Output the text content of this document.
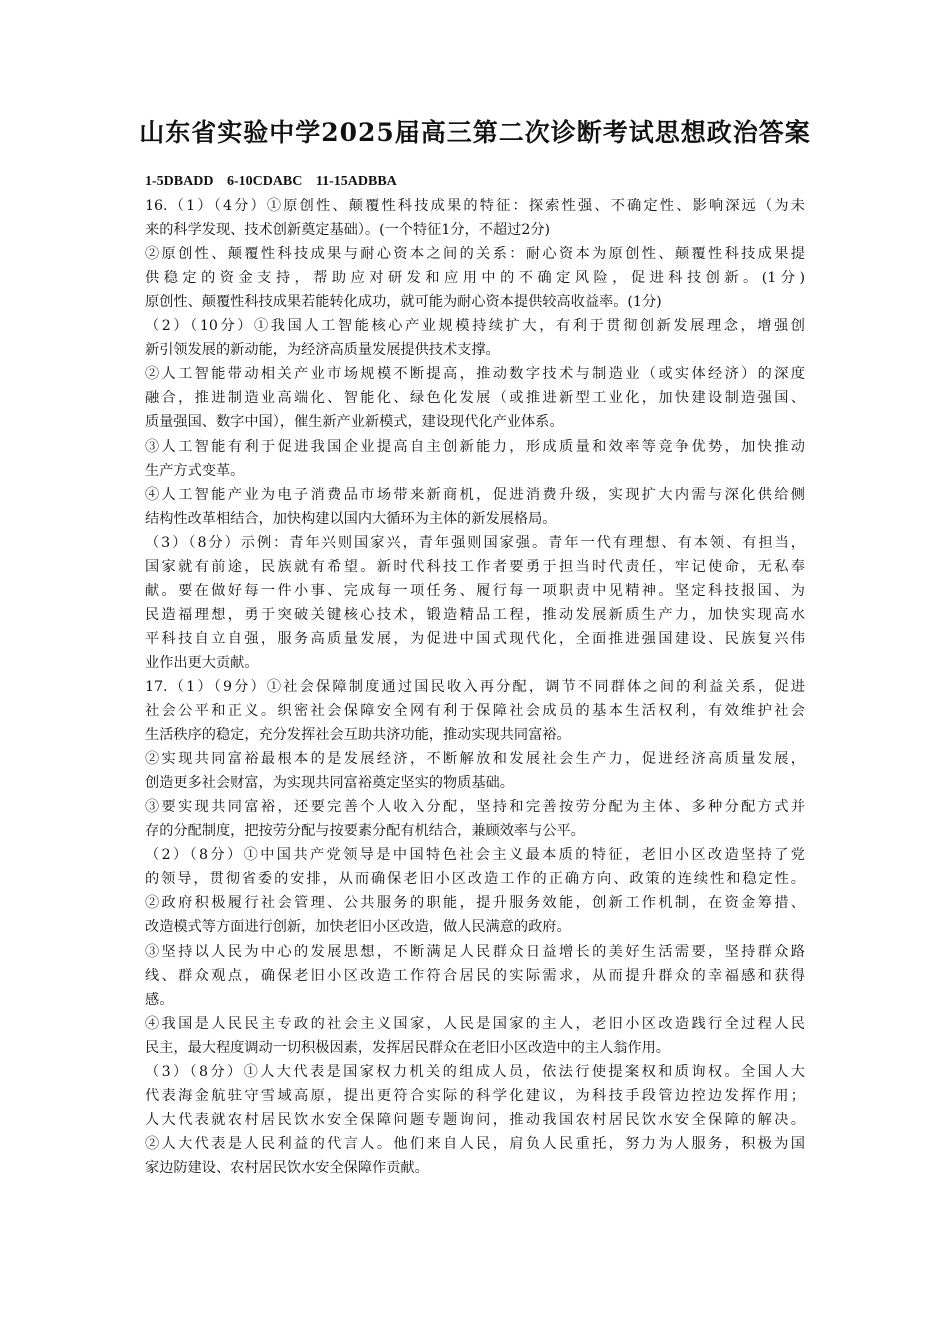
山东省实验中学2025届高三第二次诊断考试思想政治答案
1-5DBADD 6-10CDABC 11-15ADBBA
16.（1）（4分）①原创性、颠覆性科技成果的特征：探索性强、不确定性、影响深远（为未
来的科学发现、技术创新奠定基础）。(一个特征1分，不超过2分)
②原创性、颠覆性科技成果与耐心资本之间的关系：耐心资本为原创性、颠覆性科技成果提
供稳定的资金支持，帮助应对研发和应用中的不确定风险，促进科技创新。(1分)
原创性、颠覆性科技成果若能转化成功，就可能为耐心资本提供较高收益率。(1分)
（2）（10分）①我国人工智能核心产业规模持续扩大，有利于贯彻创新发展理念，增强创
新引领发展的新动能，为经济高质量发展提供技术支撑。
②人工智能带动相关产业市场规模不断提高，推动数字技术与制造业（或实体经济）的深度
融合，推进制造业高端化、智能化、绿色化发展（或推进新型工业化，加快建设制造强国、
质量强国、数字中国），催生新产业新模式，建设现代化产业体系。
③人工智能有利于促进我国企业提高自主创新能力，形成质量和效率等竞争优势，加快推动
生产方式变革。
④人工智能产业为电子消费品市场带来新商机，促进消费升级，实现扩大内需与深化供给侧
结构性改革相结合，加快构建以国内大循环为主体的新发展格局。
（3）（8分）示例：青年兴则国家兴，青年强则国家强。青年一代有理想、有本领、有担当，
国家就有前途，民族就有希望。新时代科技工作者要勇于担当时代责任，牢记使命，无私奉
献。要在做好每一件小事、完成每一项任务、履行每一项职责中见精神。坚定科技报国、为
民造福理想，勇于突破关键核心技术，锻造精品工程，推动发展新质生产力，加快实现高水
平科技自立自强，服务高质量发展，为促进中国式现代化，全面推进强国建设、民族复兴伟
业作出更大贡献。
17.（1）（9分）①社会保障制度通过国民收入再分配，调节不同群体之间的利益关系，促进
社会公平和正义。织密社会保障安全网有利于保障社会成员的基本生活权利，有效维护社会
生活秩序的稳定，充分发挥社会互助共济功能，推动实现共同富裕。
②实现共同富裕最根本的是发展经济，不断解放和发展社会生产力，促进经济高质量发展，
创造更多社会财富，为实现共同富裕奠定坚实的物质基础。
③要实现共同富裕，还要完善个人收入分配，坚持和完善按劳分配为主体、多种分配方式并
存的分配制度，把按劳分配与按要素分配有机结合，兼顾效率与公平。
（2）（8分）①中国共产党领导是中国特色社会主义最本质的特征，老旧小区改造坚持了党
的领导，贯彻省委的安排，从而确保老旧小区改造工作的正确方向、政策的连续性和稳定性。
②政府积极履行社会管理、公共服务的职能，提升服务效能，创新工作机制，在资金筹措、
改造模式等方面进行创新，加快老旧小区改造，做人民满意的政府。
③坚持以人民为中心的发展思想，不断满足人民群众日益增长的美好生活需要，坚持群众路
线、群众观点，确保老旧小区改造工作符合居民的实际需求，从而提升群众的幸福感和获得
感。
④我国是人民民主专政的社会主义国家，人民是国家的主人，老旧小区改造践行全过程人民
民主，最大程度调动一切积极因素，发挥居民群众在老旧小区改造中的主人翁作用。
（3）（8分）①人大代表是国家权力机关的组成人员，依法行使提案权和质询权。全国人大
代表海金航驻守雪域高原，提出更符合实际的科学化建议，为科技手段管边控边发挥作用；
人大代表就农村居民饮水安全保障问题专题询问，推动我国农村居民饮水安全保障的解决。
②人大代表是人民利益的代言人。他们来自人民，肩负人民重托，努力为人服务，积极为国
家边防建设、农村居民饮水安全保障作贡献。
